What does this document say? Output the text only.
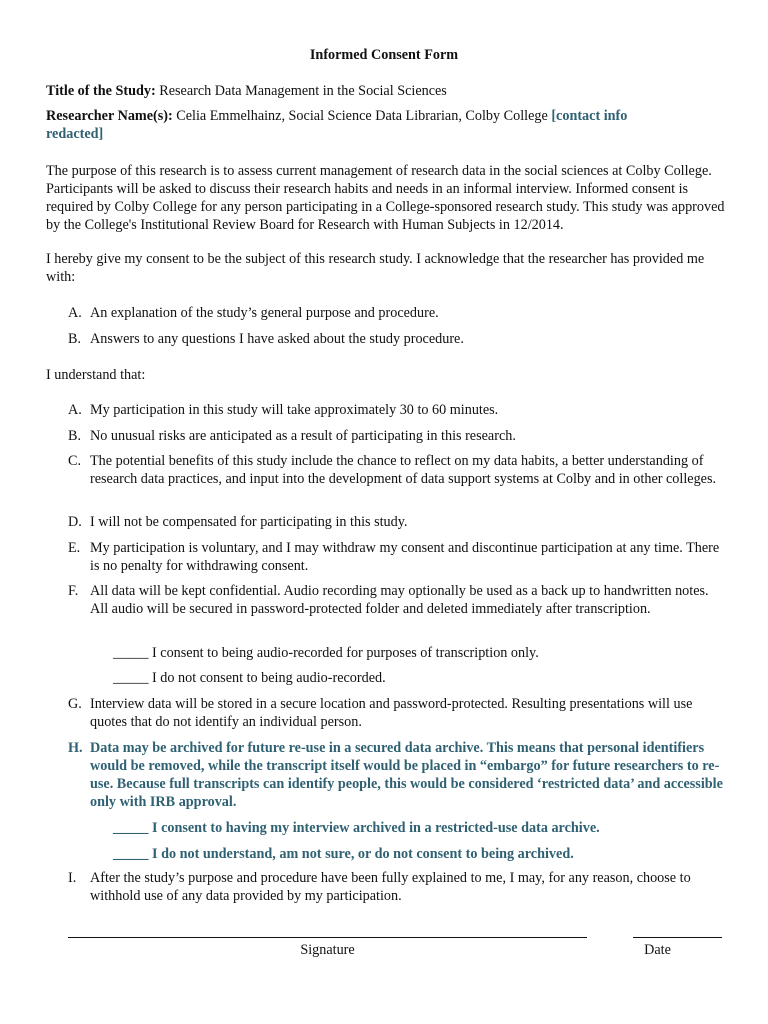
Informed Consent Form
Title of the Study: Research Data Management in the Social Sciences
Researcher Name(s): Celia Emmelhainz, Social Science Data Librarian, Colby College [contact info
redacted]
The purpose of this research is to assess current management of research data in the social sciences at Colby College. Participants will be asked to discuss their research habits and needs in an informal interview. Informed consent is required by Colby College for any person participating in a College-sponsored research study. This study was approved by the College's Institutional Review Board for Research with Human Subjects in 12/2014.
I hereby give my consent to be the subject of this research study. I acknowledge that the researcher has provided me with:
A. An explanation of the study’s general purpose and procedure.
B. Answers to any questions I have asked about the study procedure.
I understand that:
A. My participation in this study will take approximately 30 to 60 minutes.
B. No unusual risks are anticipated as a result of participating in this research.
C. The potential benefits of this study include the chance to reflect on my data habits, a better understanding of research data practices, and input into the development of data support systems at Colby and in other colleges.
D. I will not be compensated for participating in this study.
E. My participation is voluntary, and I may withdraw my consent and discontinue participation at any time. There is no penalty for withdrawing consent.
F. All data will be kept confidential. Audio recording may optionally be used as a back up to handwritten notes. All audio will be secured in password-protected folder and deleted immediately after transcription.
_____ I consent to being audio-recorded for purposes of transcription only.
_____ I do not consent to being audio-recorded.
G. Interview data will be stored in a secure location and password-protected. Resulting presentations will use quotes that do not identify an individual person.
H. Data may be archived for future re-use in a secured data archive. This means that personal identifiers would be removed, while the transcript itself would be placed in “embargo” for future researchers to re-use. Because full transcripts can identify people, this would be considered ‘restricted data’ and accessible only with IRB approval.
_____ I consent to having my interview archived in a restricted-use data archive.
_____ I do not understand, am not sure, or do not consent to being archived.
I. After the study’s purpose and procedure have been fully explained to me, I may, for any reason, choose to withhold use of any data provided by my participation.
Signature	Date
